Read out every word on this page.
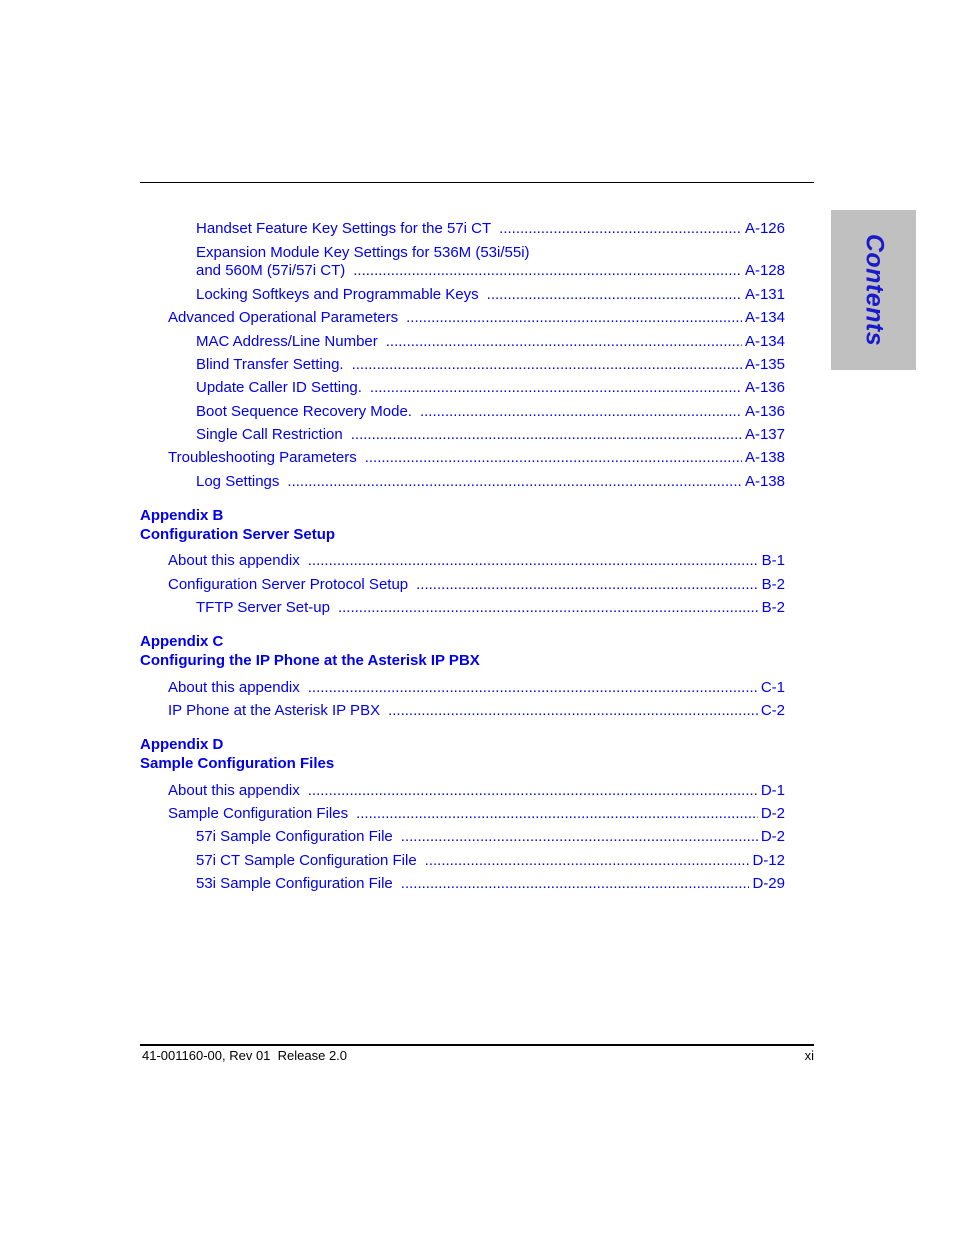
Contents
Handset Feature Key Settings for the 57i CT .....	A-126
Expansion Module Key Settings for 536M (53i/55i)
and 560M (57i/57i CT) .....	A-128
Locking Softkeys and Programmable Keys .....	A-131
Advanced Operational Parameters .....	A-134
MAC Address/Line Number .....	A-134
Blind Transfer Setting. .....	A-135
Update Caller ID Setting. .....	A-136
Boot Sequence Recovery Mode. .....	A-136
Single Call Restriction .....	A-137
Troubleshooting Parameters .....	A-138
Log Settings .....	A-138
Appendix B
Configuration Server Setup
About this appendix .....	B-1
Configuration Server Protocol Setup .....	B-2
TFTP Server Set-up .....	B-2
Appendix C
Configuring the IP Phone at the Asterisk IP PBX
About this appendix .....	C-1
IP Phone at the Asterisk IP PBX .....	C-2
Appendix D
Sample Configuration Files
About this appendix .....	D-1
Sample Configuration Files .....	D-2
57i Sample Configuration File .....	D-2
57i CT Sample Configuration File .....	D-12
53i Sample Configuration File .....	D-29
41-001160-00, Rev 01  Release 2.0	xi
